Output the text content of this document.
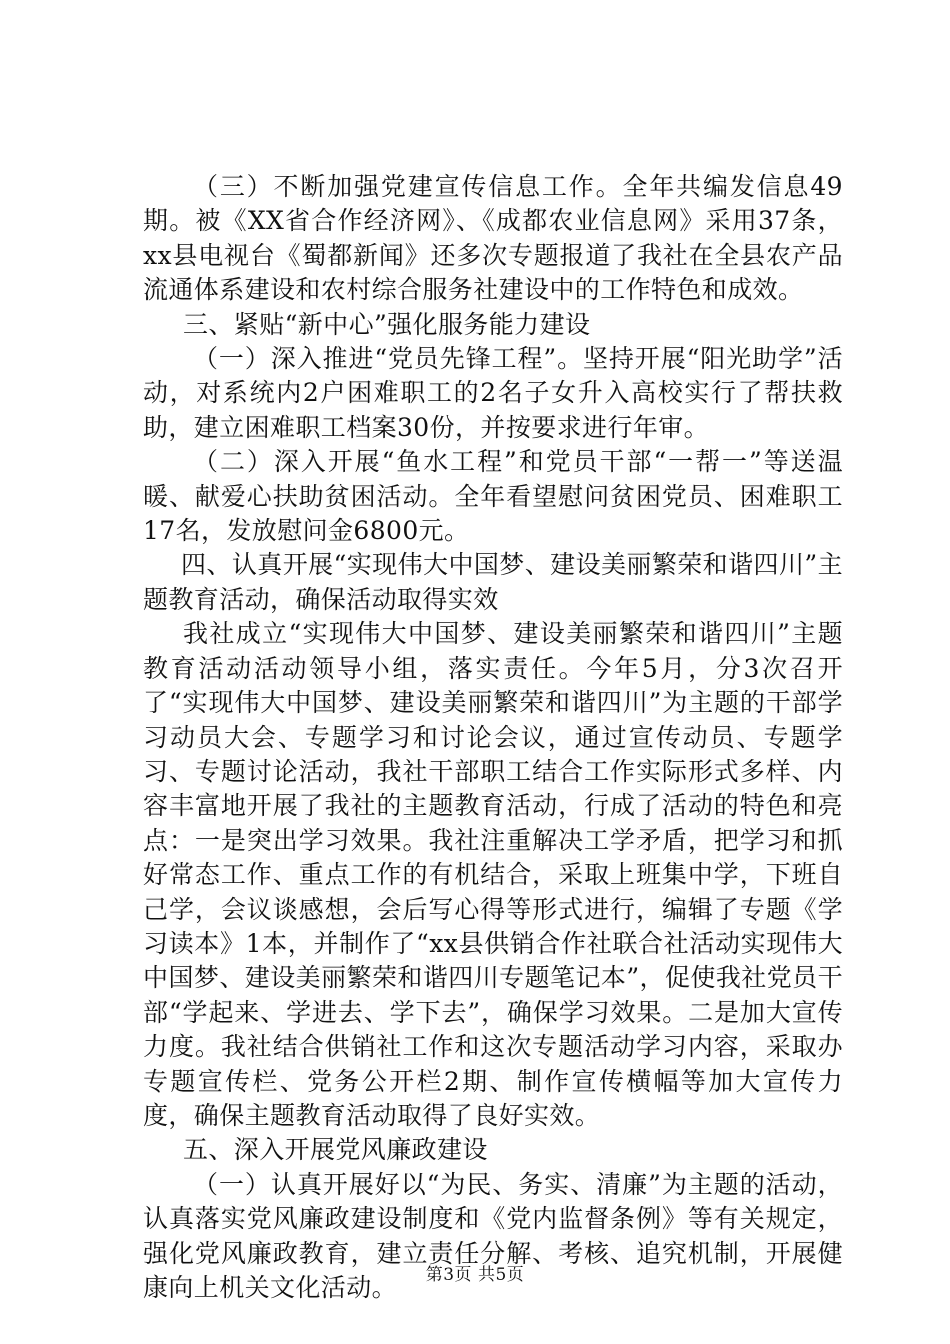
（三）不断加强党建宣传信息工作。全年共编发信息49期。被《XX省合作经济网》、《成都农业信息网》采用37条，xx县电视台《蜀都新闻》还多次专题报道了我社在全县农产品流通体系建设和农村综合服务社建设中的工作特色和成效。

三、紧贴“新中心”强化服务能力建设

（一）深入推进“党员先锋工程”。坚持开展“阳光助学”活动，对系统内2户困难职工的2名子女升入高校实行了帮扶救助，建立困难职工档案30份，并按要求进行年审。

（二）深入开展“鱼水工程”和党员干部“一帮一”等送温暖、献爱心扶助贫困活动。全年看望慰问贫困党员、困难职工17名，发放慰问金6800元。

四、认真开展“实现伟大中国梦、建设美丽繁荣和谐四川”主题教育活动，确保活动取得实效

我社成立“实现伟大中国梦、建设美丽繁荣和谐四川”主题教育活动活动领导小组，落实责任。今年5月，分3次召开了“实现伟大中国梦、建设美丽繁荣和谐四川”为主题的干部学习动员大会、专题学习和讨论会议，通过宣传动员、专题学习、专题讨论活动，我社干部职工结合工作实际形式多样、内容丰富地开展了我社的主题教育活动，行成了活动的特色和亮点：一是突出学习效果。我社注重解决工学矛盾，把学习和抓好常态工作、重点工作的有机结合，采取上班集中学，下班自己学，会议谈感想，会后写心得等形式进行，编辑了专题《学习读本》1本，并制作了“xx县供销合作社联合社活动实现伟大中国梦、建设美丽繁荣和谐四川专题笔记本”，促使我社党员干部“学起来、学进去、学下去”，确保学习效果。二是加大宣传力度。我社结合供销社工作和这次专题活动学习内容，采取办专题宣传栏、党务公开栏2期、制作宣传横幅等加大宣传力度，确保主题教育活动取得了良好实效。

五、深入开展党风廉政建设

（一）认真开展好以“为民、务实、清廉”为主题的活动，认真落实党风廉政建设制度和《党内监督条例》等有关规定，强化党风廉政教育，建立责任分解、考核、追究机制，开展健康向上机关文化活动。	第3页 共5页
